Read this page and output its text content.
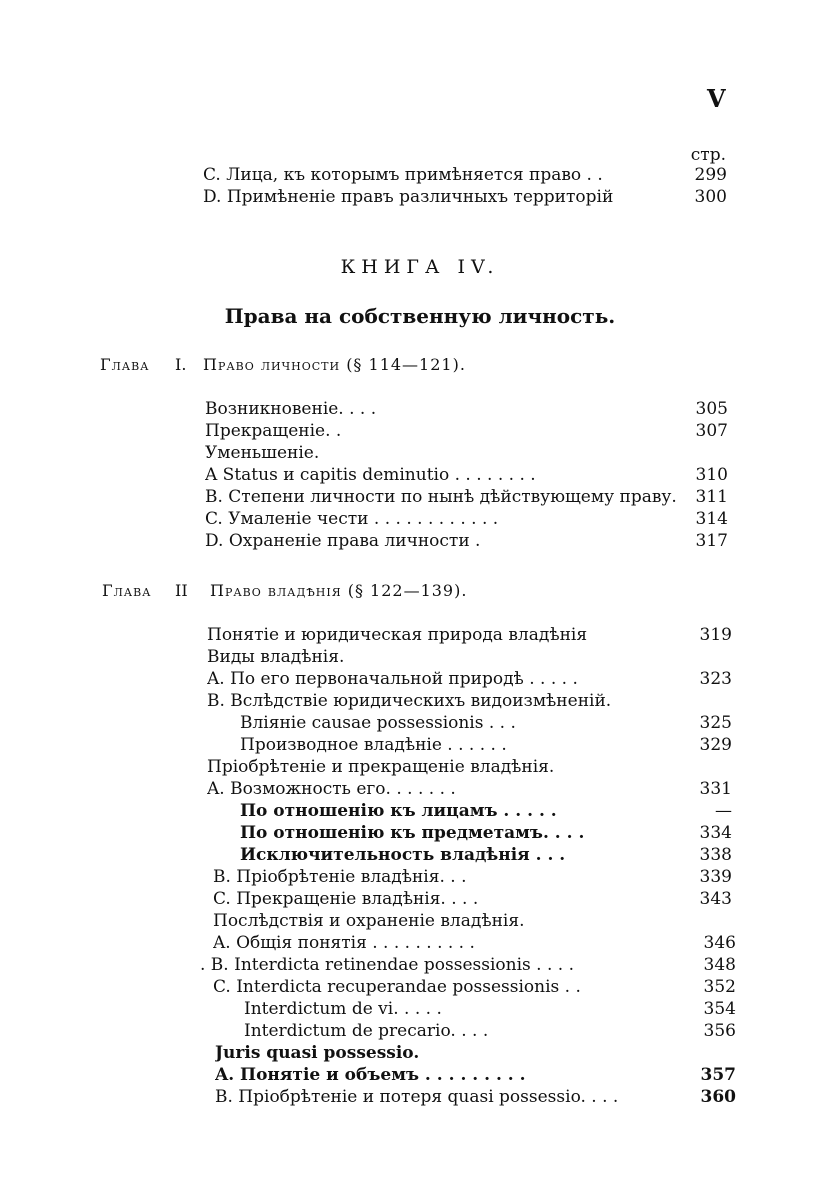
V
стр.
C. Лица, къ которымъ примѣняется право . .	299
D. Примѣненіе правъ различныхъ территорій	300
КНИГА IV.
Права на собственную личность.
Глава I. Право личности (§ 114—121).
Возникновеніе. . . .	305
Прекращеніе. .	307
Уменьшеніе.
A Status и capitis deminutio . . . . . . . .	310
B. Степени личности по нынѣ дѣйствующему праву.	311
C. Умаленіе чести . . . . . . . . . . . .	314
D. Охраненіе права личности .	317
Глава II Право владѣнія (§ 122—139).
Понятіе и юридическая природа владѣнія	319
Виды владѣнія.
A. По его первоначальной природѣ . . . . .	323
B. Вслѣдствіе юридическихъ видоизмѣненій.
Вліяніе causae possessionis . . .	325
Производное владѣніе . . . . . .	329
Пріобрѣтеніе и прекращеніе владѣнія.
A. Возможность его. . . . . . .	331
По отношенію къ лицамъ . . . . .	—
По отношенію къ предметамъ. . . .	334
Исключительность владѣнія . . .	338
B. Пріобрѣтеніе владѣнія. . .	339
C. Прекращеніе владѣнія. . . .	343
Послѣдствія и охраненіе владѣнія.
A. Общія понятія . . . . . . . . . .	346
. B. Interdicta retinendae possessionis . . . .	348
C. Interdicta recuperandae possessionis . .	352
Interdictum de vi. . . . .	354
Interdictum de precario. . . .	356
Juris quasi possessio.
A. Понятіе и объемъ . . . . . . . . .	357
B. Пріобрѣтеніе и потеря quasi possessio. . . .	360
